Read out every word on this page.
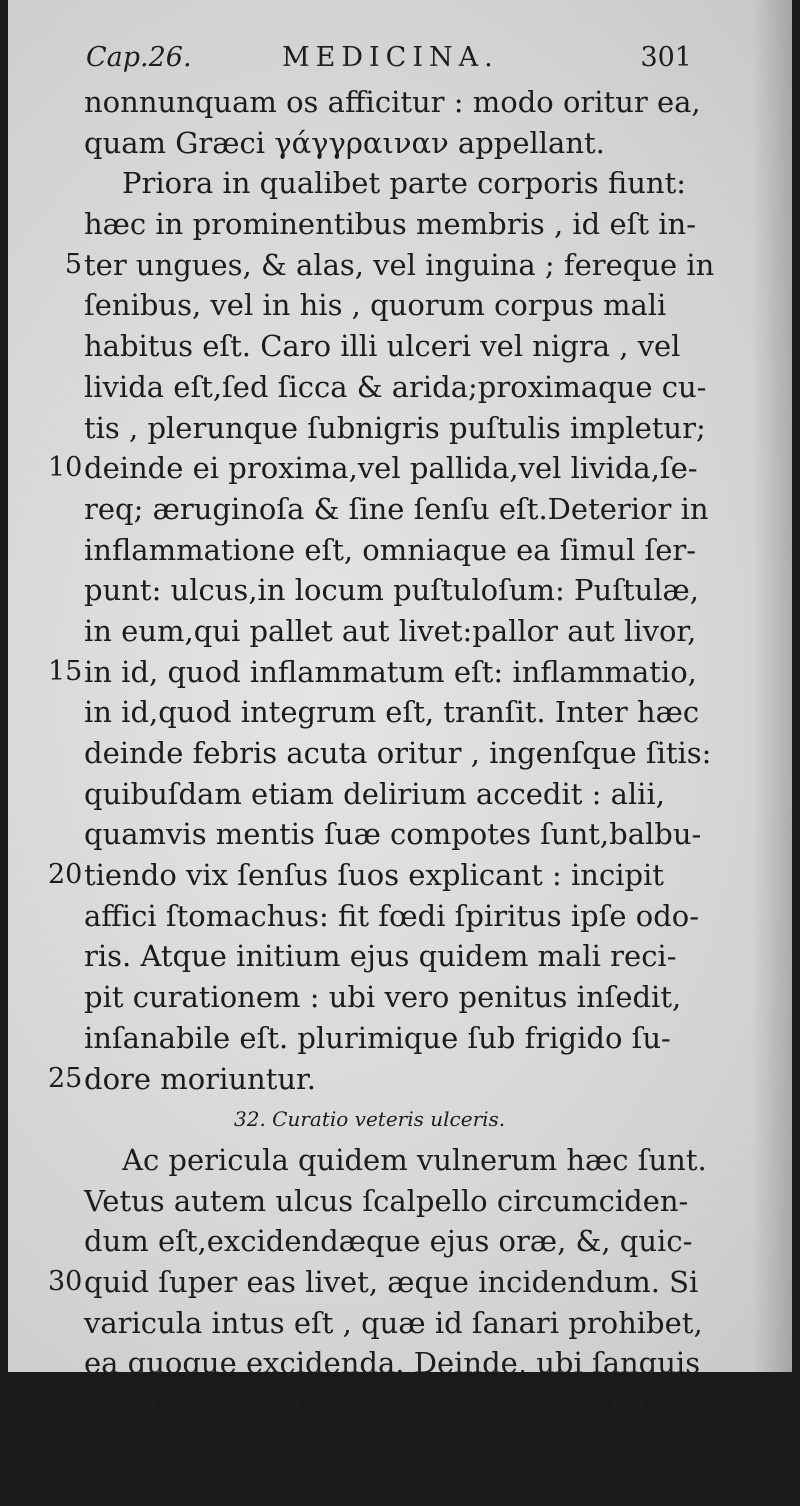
Cap.26.	MEDICINA.	301
nonnunquam os afficitur : modo oritur ea,
quam Græci γάγγραιναν appellant.
Priora in qualibet parte corporis fiunt:
hæc in prominentibus membris , id eſt in-
5 ter ungues, & alas, vel inguina ; fereque in
ſenibus, vel in his , quorum corpus mali
habitus eſt. Caro illi ulceri vel nigra , vel
livida eſt,ſed ſicca & arida;proximaque cu-
tis , plerunque ſubnigris puſtulis impletur;
10 deinde ei proxima,vel pallida,vel livida,ſe-
req; æruginoſa & ſine ſenſu eſt.Deterior in
inflammatione eſt, omniaque ea ſimul ſer-
punt: ulcus,in locum puſtuloſum: Puſtulæ,
in eum,qui pallet aut livet:pallor aut livor,
15 in id, quod inflammatum eſt: inflammatio,
in id,quod integrum eſt, tranſit. Inter hæc
deinde febris acuta oritur , ingenſque ſitis:
quibuſdam etiam delirium accedit : alii,
quamvis mentis ſuæ compotes ſunt,balbu-
20 tiendo vix ſenſus ſuos explicant : incipit
affici ſtomachus: fit fœdi ſpiritus ipſe odo-
ris. Atque initium ejus quidem mali reci-
pit curationem : ubi vero penitus inſedit,
inſanabile eſt. plurimique ſub frigido ſu-
25 dore moriuntur.
32. Curatio veteris ulceris.
Ac pericula quidem vulnerum hæc ſunt.
Vetus autem ulcus ſcalpello circumciden-
dum eſt,excidendæque ejus oræ, &, quic-
30 quid ſuper eas livet, æque incidendum. Si
varicula intus eſt , quæ id ſanari prohibet,
ea quoque excidenda. Deinde, ubi ſanguis
emiſſus, novatumque vulnus eſt, eadem
curatio adhibenda, quæ in recentibus vul-
neri-
